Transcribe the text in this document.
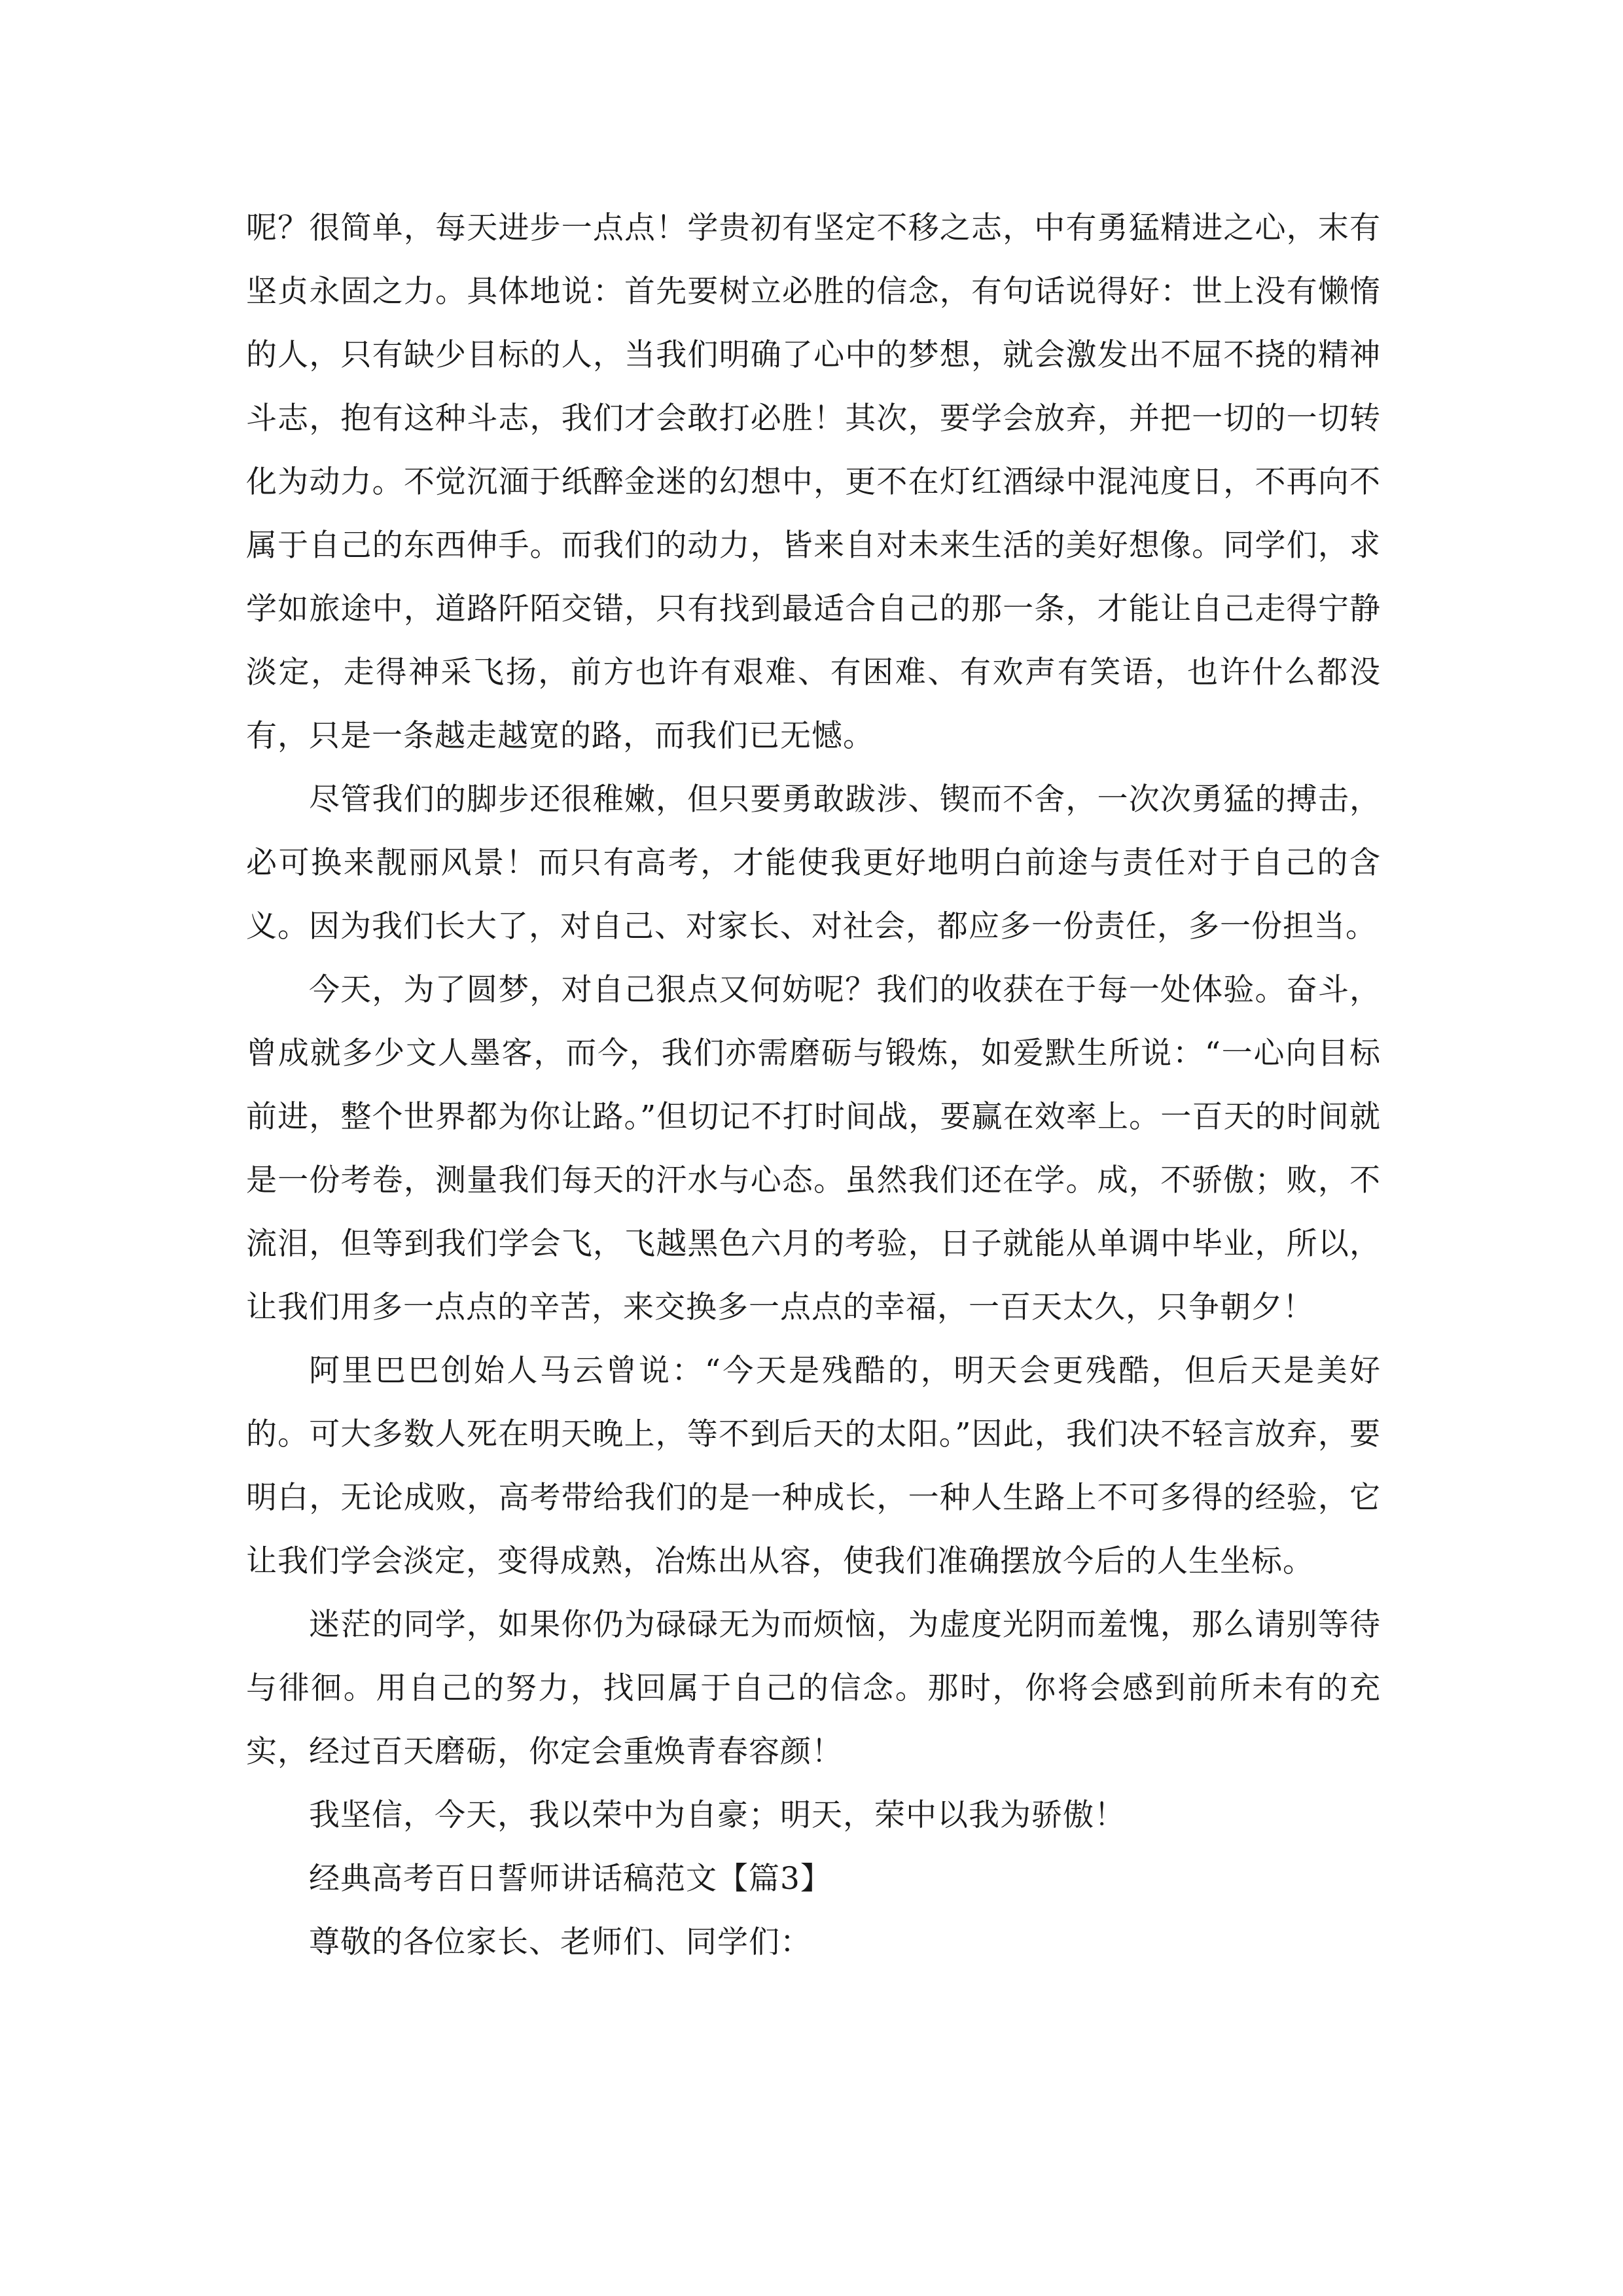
呢？很简单，每天进步一点点！学贵初有坚定不移之志，中有勇猛精进之心，末有坚贞永固之力。具体地说：首先要树立必胜的信念，有句话说得好：世上没有懒惰的人，只有缺少目标的人，当我们明确了心中的梦想，就会激发出不屈不挠的精神斗志，抱有这种斗志，我们才会敢打必胜！其次，要学会放弃，并把一切的一切转化为动力。不觉沉湎于纸醉金迷的幻想中，更不在灯红酒绿中混沌度日，不再向不属于自己的东西伸手。而我们的动力，皆来自对未来生活的美好想像。同学们，求学如旅途中，道路阡陌交错，只有找到最适合自己的那一条，才能让自己走得宁静淡定，走得神采飞扬，前方也许有艰难、有困难、有欢声有笑语，也许什么都没有，只是一条越走越宽的路，而我们已无憾。

尽管我们的脚步还很稚嫩，但只要勇敢跋涉、锲而不舍，一次次勇猛的搏击，必可换来靓丽风景！而只有高考，才能使我更好地明白前途与责任对于自己的含义。因为我们长大了，对自己、对家长、对社会，都应多一份责任，多一份担当。

今天，为了圆梦，对自己狠点又何妨呢？我们的收获在于每一处体验。奋斗，曾成就多少文人墨客，而今，我们亦需磨砺与锻炼，如爱默生所说：“一心向目标前进，整个世界都为你让路。”但切记不打时间战，要赢在效率上。一百天的时间就是一份考卷，测量我们每天的汗水与心态。虽然我们还在学。成，不骄傲；败，不流泪，但等到我们学会飞，飞越黑色六月的考验，日子就能从单调中毕业，所以，让我们用多一点点的辛苦，来交换多一点点的幸福，一百天太久，只争朝夕！

阿里巴巴创始人马云曾说：“今天是残酷的，明天会更残酷，但后天是美好的。可大多数人死在明天晚上，等不到后天的太阳。”因此，我们决不轻言放弃，要明白，无论成败，高考带给我们的是一种成长，一种人生路上不可多得的经验，它让我们学会淡定，变得成熟，冶炼出从容，使我们准确摆放今后的人生坐标。

迷茫的同学，如果你仍为碌碌无为而烦恼，为虚度光阴而羞愧，那么请别等待与徘徊。用自己的努力，找回属于自己的信念。那时，你将会感到前所未有的充实，经过百天磨砺，你定会重焕青春容颜！

我坚信，今天，我以荣中为自豪；明天，荣中以我为骄傲！

经典高考百日誓师讲话稿范文【篇3】

尊敬的各位家长、老师们、同学们：
